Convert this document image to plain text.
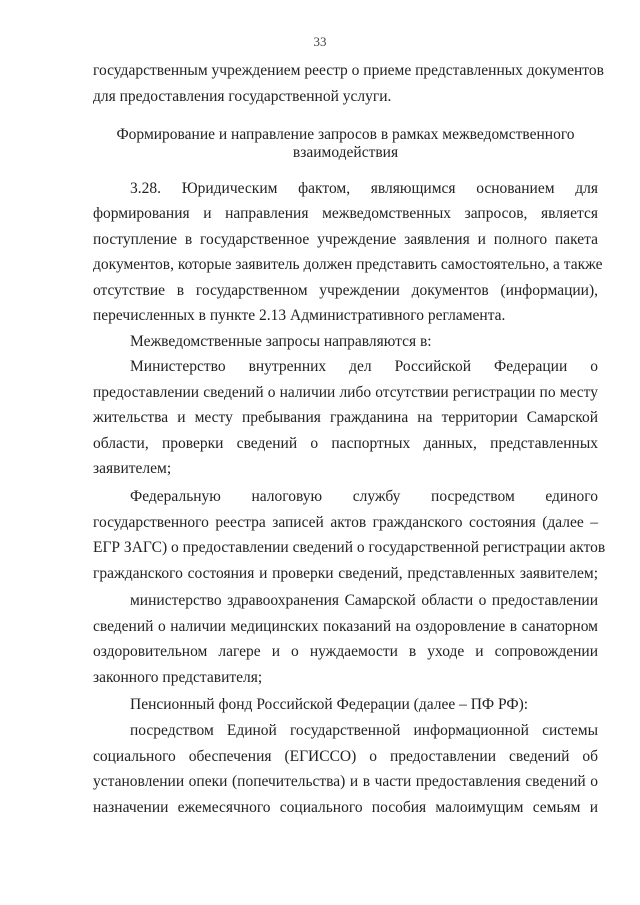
33
государственным учреждением реестр о приеме представленных документов
для предоставления государственной услуги.
Формирование и направление запросов в рамках межведомственного
взаимодействия
3.28. Юридическим фактом, являющимся основанием для
формирования и направления межведомственных запросов, является
поступление в государственное учреждение заявления и полного пакета
документов, которые заявитель должен представить самостоятельно, а также
отсутствие в государственном учреждении документов (информации),
перечисленных в пункте 2.13 Административного регламента.
Межведомственные запросы направляются в:
Министерство внутренних дел Российской Федерации о
предоставлении сведений о наличии либо отсутствии регистрации по месту
жительства и месту пребывания гражданина на территории Самарской
области, проверки сведений о паспортных данных, представленных
заявителем;
Федеральную налоговую службу посредством единого
государственного реестра записей актов гражданского состояния (далее –
ЕГР ЗАГС) о предоставлении сведений о государственной регистрации актов
гражданского состояния и проверки сведений, представленных заявителем;
министерство здравоохранения Самарской области о предоставлении
сведений о наличии медицинских показаний на оздоровление в санаторном
оздоровительном лагере и о нуждаемости в уходе и сопровождении
законного представителя;
Пенсионный фонд Российской Федерации (далее – ПФ РФ):
посредством Единой государственной информационной системы
социального обеспечения (ЕГИССО) о предоставлении сведений об
установлении опеки (попечительства) и в части предоставления сведений о
назначении ежемесячного социального пособия малоимущим семьям и
